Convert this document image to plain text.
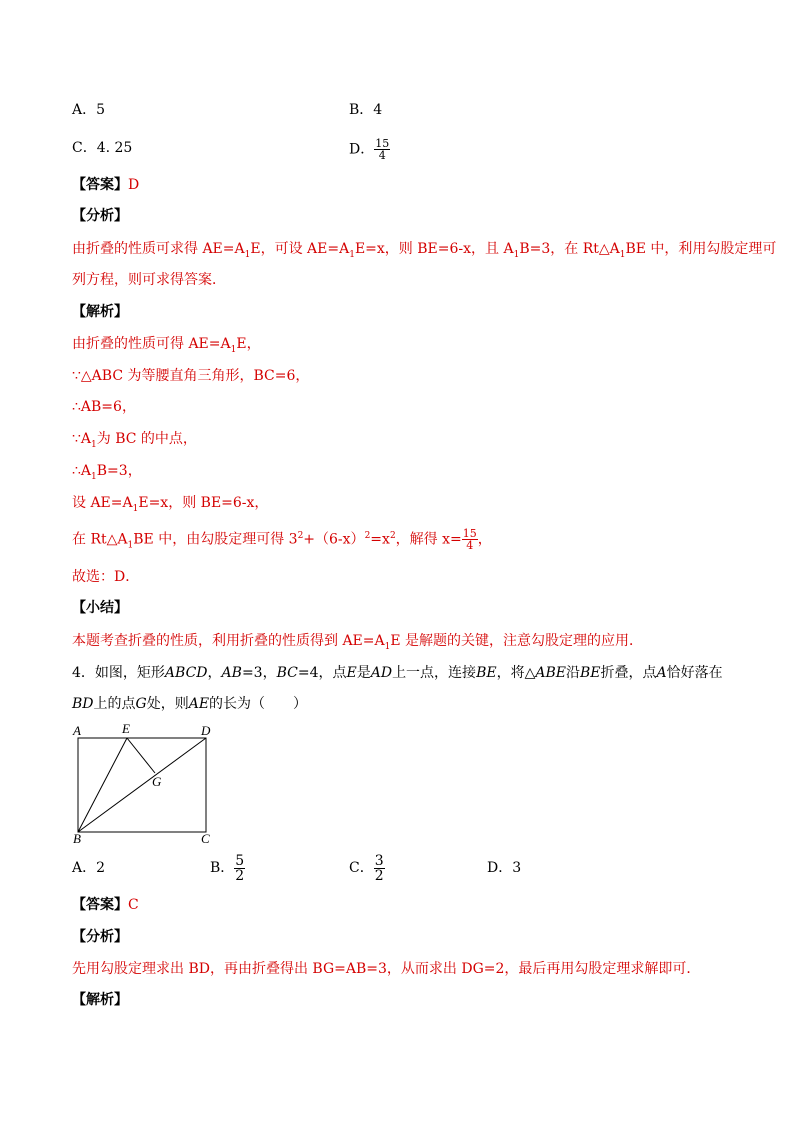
A．5	B．4
C．4. 25	D． $\frac{15}{4}$
【答案】D
【分析】
由折叠的性质可求得 $AE=A_1E$，可设 $AE=A_1E=x$，则 BE=6-x，且 $A_1B=3$，在 $Rt\triangle A_1BE$ 中，利用勾股定理可
列方程，则可求得答案．
【解析】
由折叠的性质可得 $AE=A_1E$，
∵△ABC 为等腰直角三角形，BC=6，
∴AB=6，
$\because A_1$为 BC 的中点，
$\therefore A_1B=3$，
设 $AE=A_1E=x$，则 BE=6-x，
在 $Rt\triangle A_1BE$ 中，由勾股定理可得 $3^2+(6-x)^2=x^2$，解得 $x= \frac{15}{4}$ ，
故选：D．
【小结】
本题考查折叠的性质，利用折叠的性质得到 $AE=A_1E$ 是解题的关键，注意勾股定理的应用．
4．如图，矩形ABCD，AB=3，BC=4，点E是AD上一点，连接BE，将△ABE沿BE折叠，点A恰好落在
BD上的点G处，则AE的长为（　　）
A	E	D
G
B	C
A．2	B． $\frac{5}{2}$	C． $\frac{3}{2}$	D．3
【答案】C
【分析】
先用勾股定理求出 BD，再由折叠得出 BG=AB=3，从而求出 DG=2，最后再用勾股定理求解即可．
【解析】
